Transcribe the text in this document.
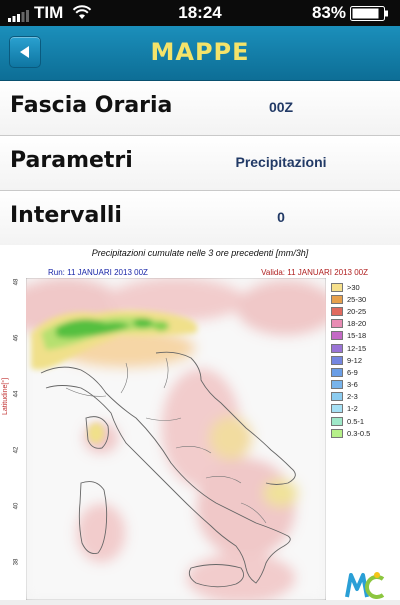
TIM	18:24	83%
MAPPE
Fascia Oraria	00Z
Parametri	Precipitazioni
Intervalli	0
Precipitazioni cumulate nelle 3 ore precedenti [mm/3h]
Run: 11 JANUARI 2013 00Z	Valida: 11 JANUARI 2013 00Z
Latitudine[°]
48
46
44
42
40
38
>30
25-30
20-25
18-20
15-18
12-15
9-12
6-9
3-6
2-3
1-2
0.5-1
0.3-0.5
